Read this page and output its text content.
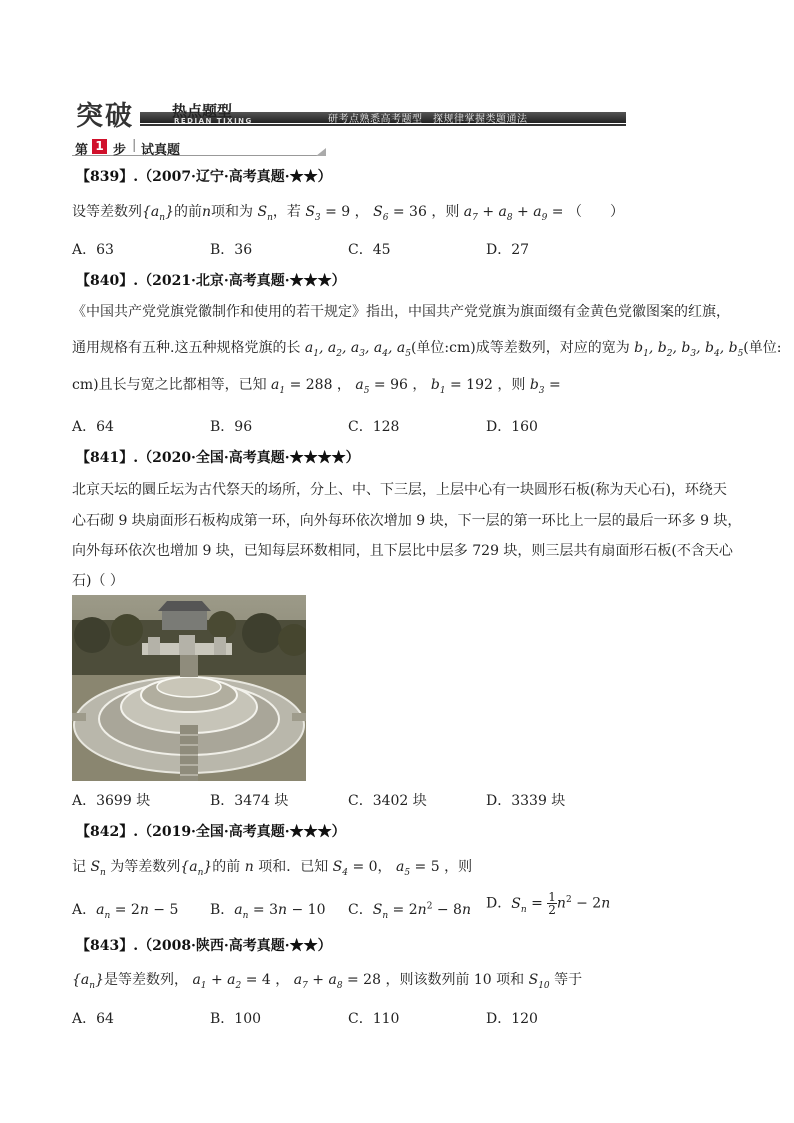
突破	热点题型
REDIAN TIXING	研考点熟悉高考题型　探规律掌握类题通法
第 1 步 | 试真题
【839】.（2007·辽宁·高考真题·★★）
设等差数列$\{a_n\}$的前n项和为 $S_n$，若 $S_3 = 9$ ， $S_6 = 36$ ，则 $a_7 + a_8 + a_9$ = （　　）
A．63	B．36	C．45	D．27
【840】.（2021·北京·高考真题·★★★）
《中国共产党党旗党徽制作和使用的若干规定》指出，中国共产党党旗为旗面缀有金黄色党徽图案的红旗，
通用规格有五种.这五种规格党旗的长 $a_1$, $a_2$, $a_3$, $a_4$, $a_5$(单位:cm)成等差数列，对应的宽为 $b_1$, $b_2$, $b_3$, $b_4$, $b_5$(单位:
cm)且长与宽之比都相等，已知 $a_1 = 288$ ， $a_5 = 96$ ， $b_1 = 192$ ，则 $b_3$ =
A．64	B．96	C．128	D．160
【841】.（2020·全国·高考真题·★★★★）
北京天坛的圜丘坛为古代祭天的场所，分上、中、下三层，上层中心有一块圆形石板(称为天心石)，环绕天
心石砌 9 块扇面形石板构成第一环，向外每环依次增加 9 块，下一层的第一环比上一层的最后一环多 9 块，
向外每环依次也增加 9 块，已知每层环数相同，且下层比中层多 729 块，则三层共有扇面形石板(不含天心
石)（ ）
A．3699 块	B．3474 块	C．3402 块	D．3339 块
【842】.（2019·全国·高考真题·★★★）
记 $S_n$ 为等差数列$\{a_n\}$的前 n 项和．已知 $S_4 = 0$， $a_5 = 5$ ，则
A．$a_n = 2n - 5$ B．$a_n = 3n - 10$ C．$S_n = 2n^2 - 8n$ D．$S_n = \frac{1}{2} n^2 - 2n$
【843】.（2008·陕西·高考真题·★★）
$\{a_n\}$是等差数列， $a_1 + a_2 = 4$ ， $a_7 + a_8 = 28$ ，则该数列前 10 项和 $S_{10}$ 等于
A．64	B．100	C．110	D．120
